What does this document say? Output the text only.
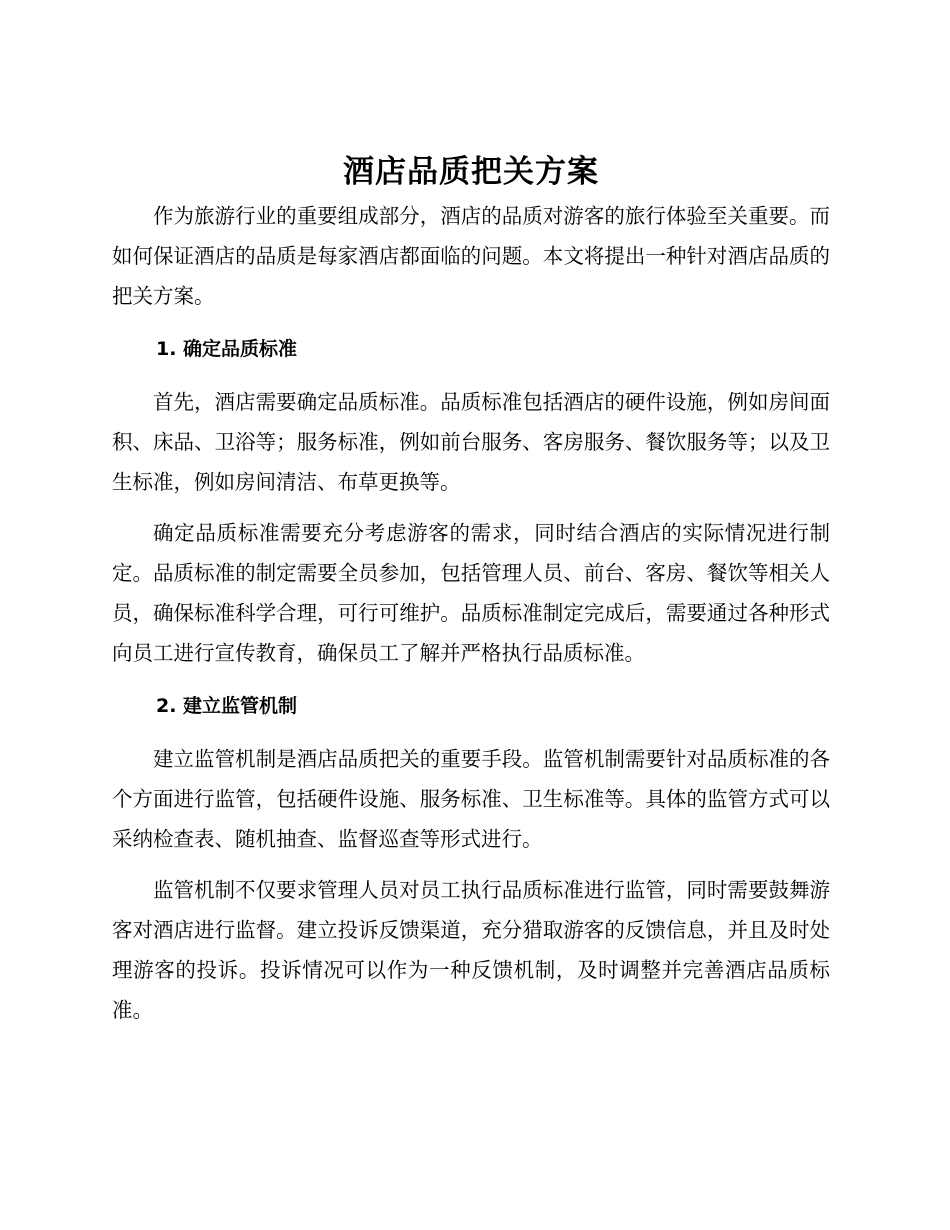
酒店品质把关方案

作为旅游行业的重要组成部分，酒店的品质对游客的旅行体验至关重要。而如何保证酒店的品质是每家酒店都面临的问题。本文将提出一种针对酒店品质的把关方案。

1. 确定品质标准

首先，酒店需要确定品质标准。品质标准包括酒店的硬件设施，例如房间面积、床品、卫浴等；服务标准，例如前台服务、客房服务、餐饮服务等；以及卫生标准，例如房间清洁、布草更换等。

确定品质标准需要充分考虑游客的需求，同时结合酒店的实际情况进行制定。品质标准的制定需要全员参加，包括管理人员、前台、客房、餐饮等相关人员，确保标准科学合理，可行可维护。品质标准制定完成后，需要通过各种形式向员工进行宣传教育，确保员工了解并严格执行品质标准。

2. 建立监管机制

建立监管机制是酒店品质把关的重要手段。监管机制需要针对品质标准的各个方面进行监管，包括硬件设施、服务标准、卫生标准等。具体的监管方式可以采纳检查表、随机抽查、监督巡查等形式进行。

监管机制不仅要求管理人员对员工执行品质标准进行监管，同时需要鼓舞游客对酒店进行监督。建立投诉反馈渠道，充分猎取游客的反馈信息，并且及时处理游客的投诉。投诉情况可以作为一种反馈机制，及时调整并完善酒店品质标准。
